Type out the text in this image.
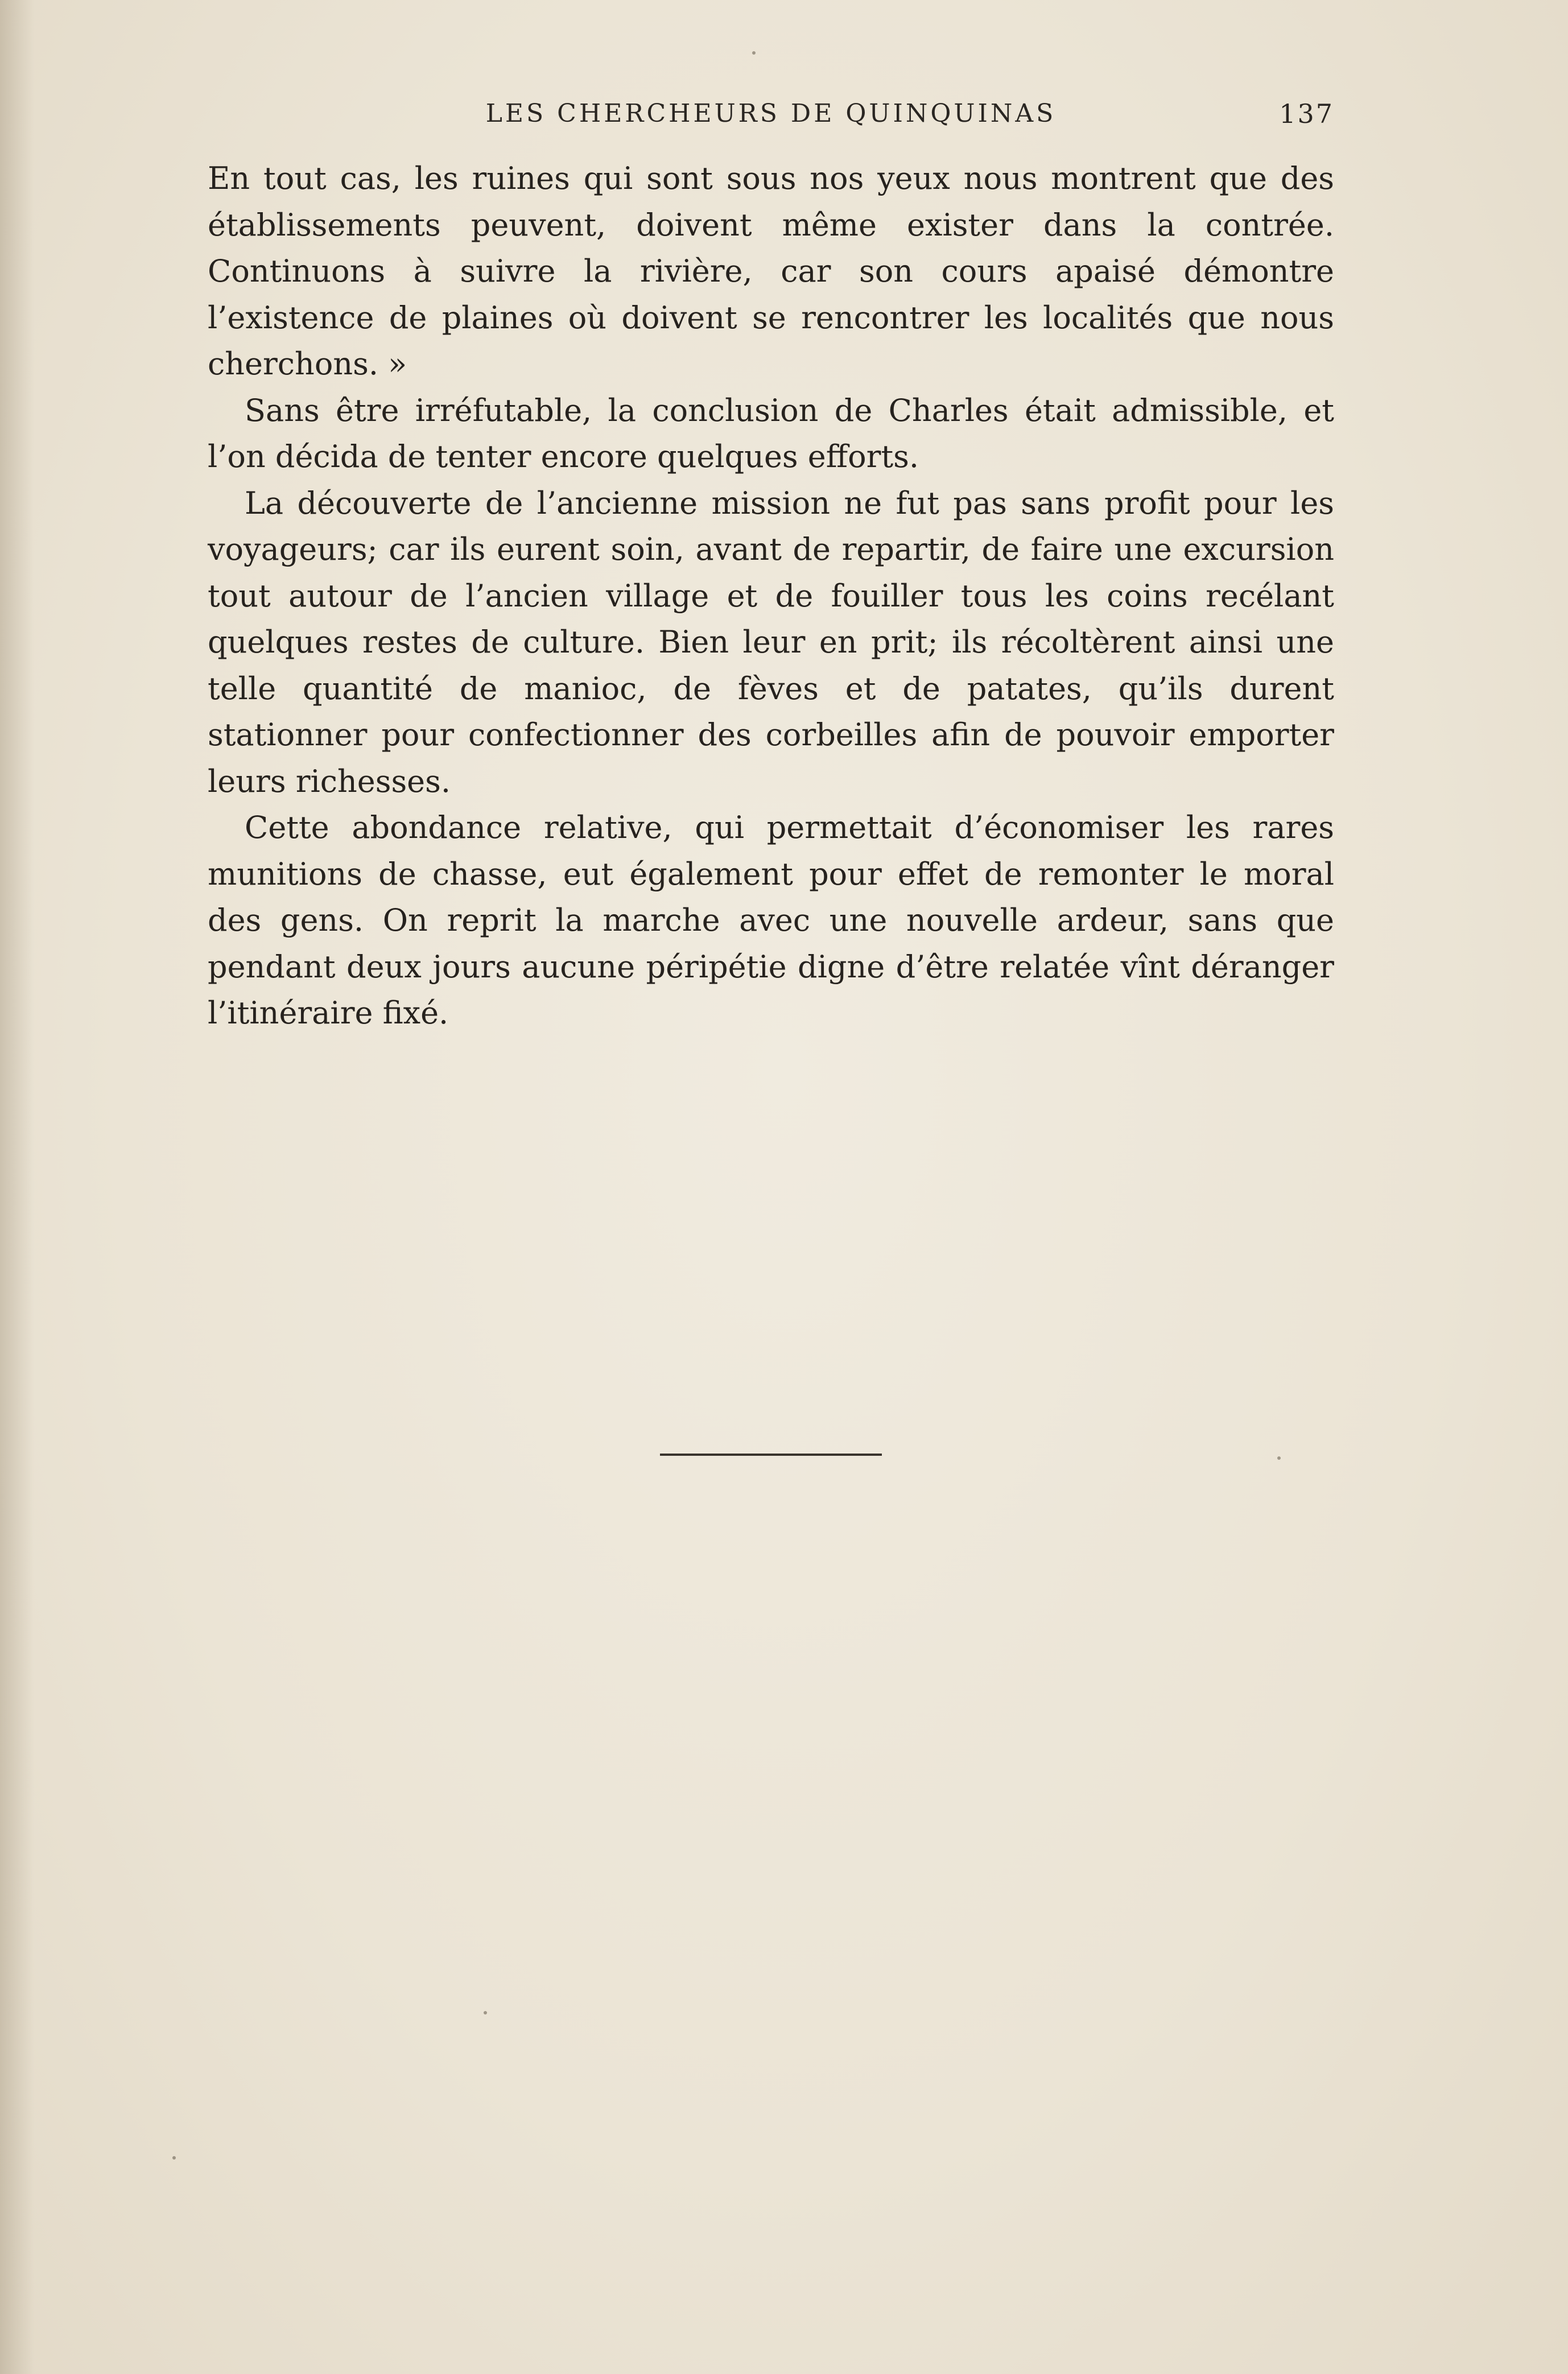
LES CHERCHEURS DE QUINQUINAS	137

En tout cas, les ruines qui sont sous nos yeux nous montrent que des établissements peuvent, doivent même exister dans la contrée. Continuons à suivre la rivière, car son cours apaisé démontre l’existence de plaines où doivent se rencontrer les localités que nous cherchons. »

Sans être irréfutable, la conclusion de Charles était admissible, et l’on décida de tenter encore quelques efforts.

La découverte de l’ancienne mission ne fut pas sans profit pour les voyageurs; car ils eurent soin, avant de repartir, de faire une excursion tout autour de l’ancien village et de fouiller tous les coins recélant quelques restes de culture. Bien leur en prit; ils récoltèrent ainsi une telle quantité de manioc, de fèves et de patates, qu’ils durent stationner pour confectionner des corbeilles afin de pouvoir emporter leurs richesses.

Cette abondance relative, qui permettait d’économiser les rares munitions de chasse, eut également pour effet de remonter le moral des gens. On reprit la marche avec une nouvelle ardeur, sans que pendant deux jours aucune péripétie digne d’être relatée vînt déranger l’itinéraire fixé.
